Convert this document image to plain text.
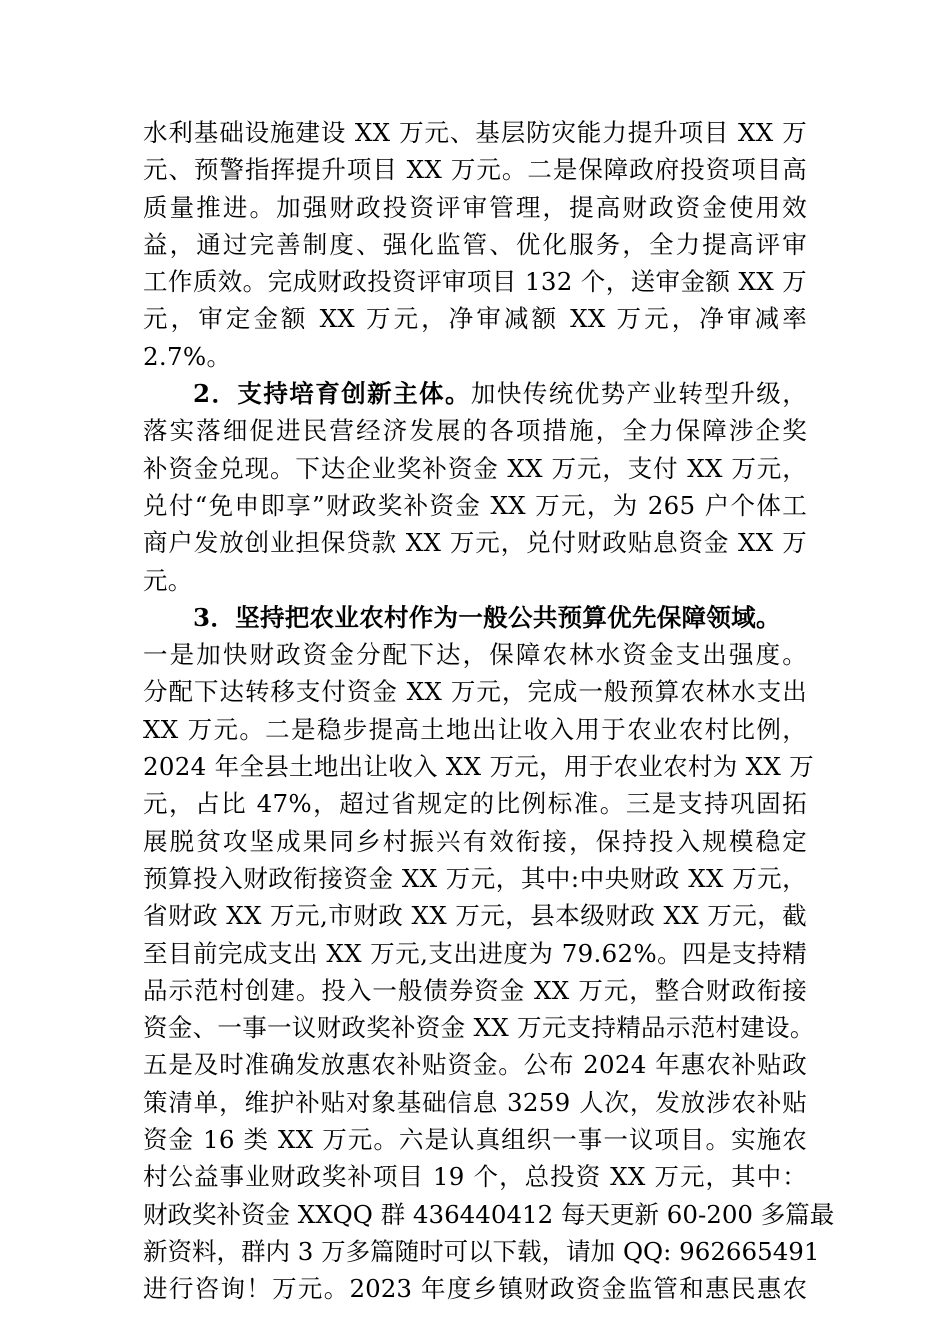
水利基础设施建设 XX 万元、基层防灾能力提升项目 XX 万
元、预警指挥提升项目 XX 万元。二是保障政府投资项目高
质量推进。加强财政投资评审管理，提高财政资金使用效
益，通过完善制度、强化监管、优化服务，全力提高评审
工作质效。完成财政投资评审项目 132 个，送审金额 XX 万
元，审定金额 XX 万元，净审减额 XX 万元，净审减率
2.7%。
2．支持培育创新主体。加快传统优势产业转型升级，
落实落细促进民营经济发展的各项措施，全力保障涉企奖
补资金兑现。下达企业奖补资金 XX 万元，支付 XX 万元，
兑付“免申即享”财政奖补资金 XX 万元，为 265 户个体工
商户发放创业担保贷款 XX 万元，兑付财政贴息资金 XX 万
元。
3．坚持把农业农村作为一般公共预算优先保障领域。
一是加快财政资金分配下达，保障农林水资金支出强度。
分配下达转移支付资金 XX 万元，完成一般预算农林水支出
XX 万元。二是稳步提高土地出让收入用于农业农村比例，
2024 年全县土地出让收入 XX 万元，用于农业农村为 XX 万
元，占比 47%，超过省规定的比例标准。三是支持巩固拓
展脱贫攻坚成果同乡村振兴有效衔接，保持投入规模稳定
预算投入财政衔接资金 XX 万元，其中:中央财政 XX 万元，
省财政 XX 万元,市财政 XX 万元，县本级财政 XX 万元，截
至目前完成支出 XX 万元,支出进度为 79.62%。四是支持精
品示范村创建。投入一般债券资金 XX 万元，整合财政衔接
资金、一事一议财政奖补资金 XX 万元支持精品示范村建设。
五是及时准确发放惠农补贴资金。公布 2024 年惠农补贴政
策清单，维护补贴对象基础信息 3259 人次，发放涉农补贴
资金 16 类 XX 万元。六是认真组织一事一议项目。实施农
村公益事业财政奖补项目 19 个，总投资 XX 万元，其中：
财政奖补资金 XXQQ 群 436440412 每天更新 60-200 多篇最
新资料，群内 3 万多篇随时可以下载，请加 QQ: 962665491
进行咨询！万元。2023 年度乡镇财政资金监管和惠民惠农
